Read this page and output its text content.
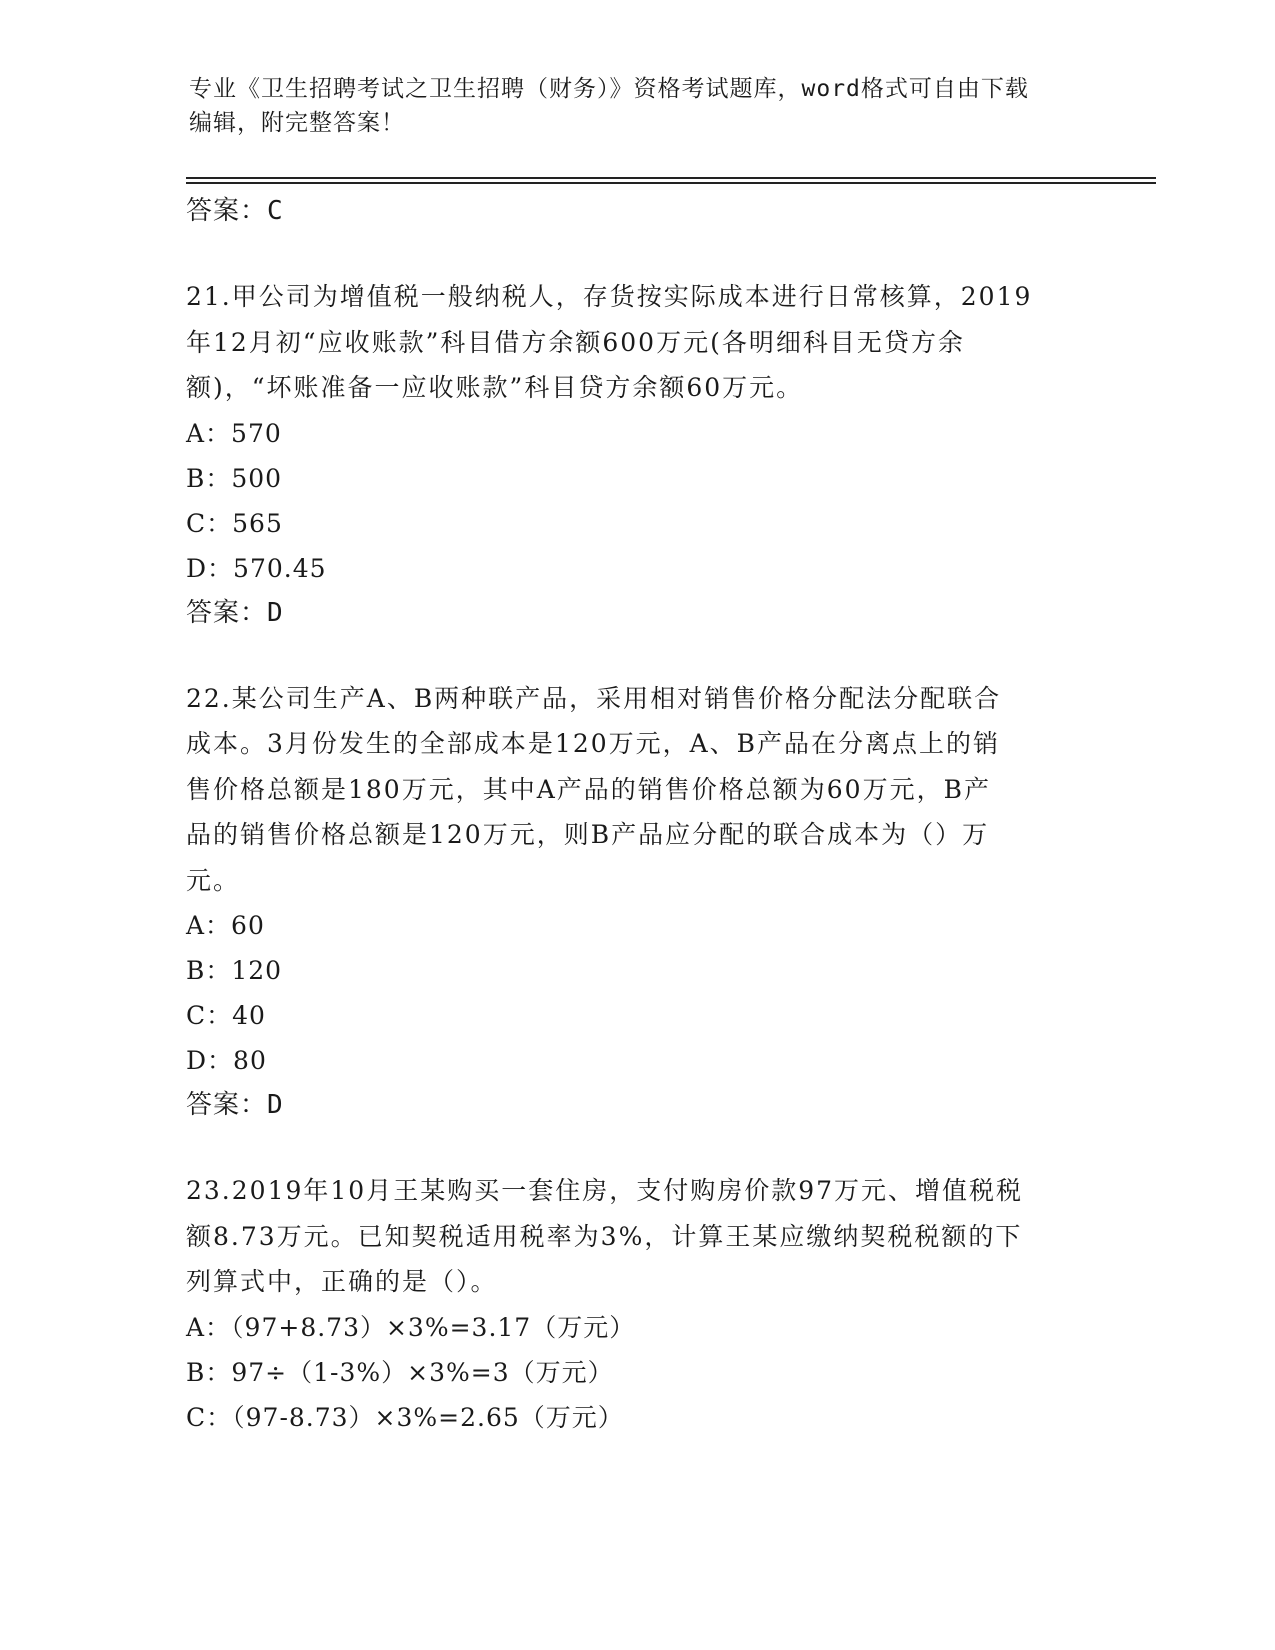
专业《卫生招聘考试之卫生招聘（财务）》资格考试题库，word格式可自由下载
编辑，附完整答案！
答案：C
21.甲公司为增值税一般纳税人，存货按实际成本进行日常核算，2019
年12月初“应收账款”科目借方余额600万元(各明细科目无贷方余
额)，“坏账准备一应收账款”科目贷方余额60万元。
A：570
B：500
C：565
D：570.45
答案：D
22.某公司生产A、B两种联产品，采用相对销售价格分配法分配联合
成本。3月份发生的全部成本是120万元，A、B产品在分离点上的销
售价格总额是180万元，其中A产品的销售价格总额为60万元，B产
品的销售价格总额是120万元，则B产品应分配的联合成本为（）万
元。
A：60
B：120
C：40
D：80
答案：D
23.2019年10月王某购买一套住房，支付购房价款97万元、增值税税
额8.73万元。已知契税适用税率为3%，计算王某应缴纳契税税额的下
列算式中，正确的是（）。
A：（97+8.73）×3%=3.17（万元）
B：97÷（1-3%）×3%=3（万元）
C：（97-8.73）×3%=2.65（万元）
